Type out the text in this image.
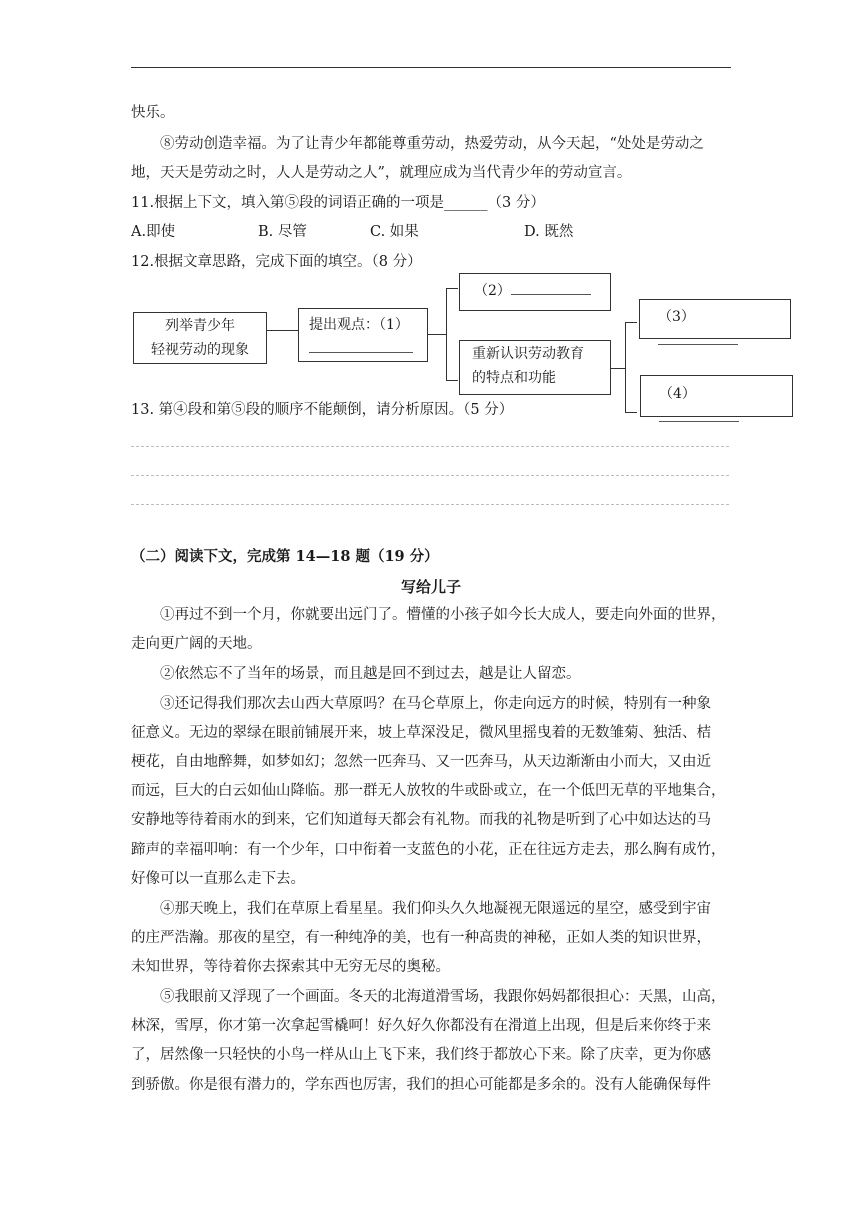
快乐。
⑧劳动创造幸福。为了让青少年都能尊重劳动，热爱劳动，从今天起，“处处是劳动之
地，天天是劳动之时，人人是劳动之人”，就理应成为当代青少年的劳动宣言。
11.根据上下文，填入第⑤段的词语正确的一项是______（3 分）
A.即使	B. 尽管	C. 如果	D. 既然
12.根据文章思路，完成下面的填空。（8 分）
列举青少年
轻视劳动的现象
提出观点：（1）
（2）
重新认识劳动教育
的特点和功能
（3）
（4）
13. 第④段和第⑤段的顺序不能颠倒，请分析原因。（5 分）
（二）阅读下文，完成第 14—18 题（19 分）
写给儿子
①再过不到一个月，你就要出远门了。懵懂的小孩子如今长大成人，要走向外面的世界，
走向更广阔的天地。
②依然忘不了当年的场景，而且越是回不到过去，越是让人留恋。
③还记得我们那次去山西大草原吗？在马仑草原上，你走向远方的时候，特别有一种象
征意义。无边的翠绿在眼前铺展开来，坡上草深没足，微风里摇曳着的无数雏菊、独活、桔
梗花，自由地醉舞，如梦如幻；忽然一匹奔马、又一匹奔马，从天边渐渐由小而大，又由近
而远，巨大的白云如仙山降临。那一群无人放牧的牛或卧或立，在一个低凹无草的平地集合，
安静地等待着雨水的到来，它们知道每天都会有礼物。而我的礼物是听到了心中如达达的马
蹄声的幸福叩响：有一个少年，口中衔着一支蓝色的小花，正在往远方走去，那么胸有成竹，
好像可以一直那么走下去。
④那天晚上，我们在草原上看星星。我们仰头久久地凝视无限遥远的星空，感受到宇宙
的庄严浩瀚。那夜的星空，有一种纯净的美，也有一种高贵的神秘，正如人类的知识世界，
未知世界，等待着你去探索其中无穷无尽的奥秘。
⑤我眼前又浮现了一个画面。冬天的北海道滑雪场，我跟你妈妈都很担心：天黑，山高，
林深，雪厚，你才第一次拿起雪橇呵！好久好久你都没有在滑道上出现，但是后来你终于来
了，居然像一只轻快的小鸟一样从山上飞下来，我们终于都放心下来。除了庆幸，更为你感
到骄傲。你是很有潜力的，学东西也厉害，我们的担心可能都是多余的。没有人能确保每件
